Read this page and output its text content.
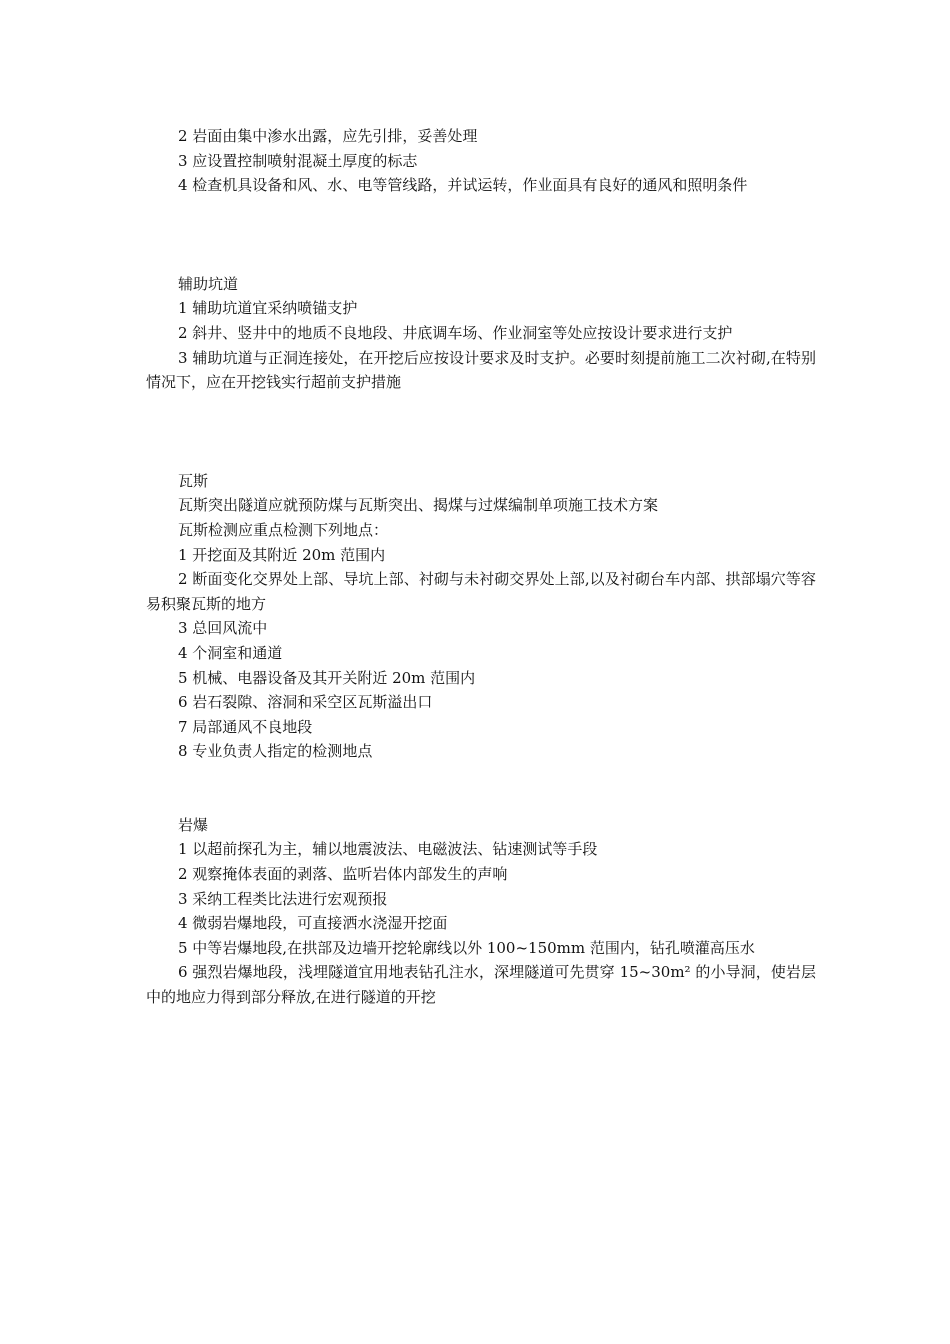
2 岩面由集中渗水出露，应先引排，妥善处理

3 应设置控制喷射混凝土厚度的标志

4 检查机具设备和风、水、电等管线路，并试运转，作业面具有良好的通风和照明条件

辅助坑道

1 辅助坑道宜采纳喷锚支护

2 斜井、竖井中的地质不良地段、井底调车场、作业洞室等处应按设计要求进行支护

3 辅助坑道与正洞连接处，在开挖后应按设计要求及时支护。必要时刻提前施工二次衬砌,在特别情况下，应在开挖钱实行超前支护措施

瓦斯

瓦斯突出隧道应就预防煤与瓦斯突出、揭煤与过煤编制单项施工技术方案

瓦斯检测应重点检测下列地点：

1 开挖面及其附近 20m 范围内

2 断面变化交界处上部、导坑上部、衬砌与未衬砌交界处上部,以及衬砌台车内部、拱部塌穴等容易积聚瓦斯的地方

3 总回风流中

4 个洞室和通道

5 机械、电器设备及其开关附近 20m 范围内

6 岩石裂隙、溶洞和采空区瓦斯溢出口

7 局部通风不良地段

8 专业负责人指定的检测地点

岩爆

1 以超前探孔为主，辅以地震波法、电磁波法、钻速测试等手段

2 观察掩体表面的剥落、监听岩体内部发生的声响

3 采纳工程类比法进行宏观预报

4 微弱岩爆地段，可直接洒水浇湿开挖面

5 中等岩爆地段,在拱部及边墙开挖轮廓线以外 100~150mm 范围内，钻孔喷灌高压水

6 强烈岩爆地段，浅埋隧道宜用地表钻孔注水，深埋隧道可先贯穿 15~30m² 的小导洞，使岩层中的地应力得到部分释放,在进行隧道的开挖
